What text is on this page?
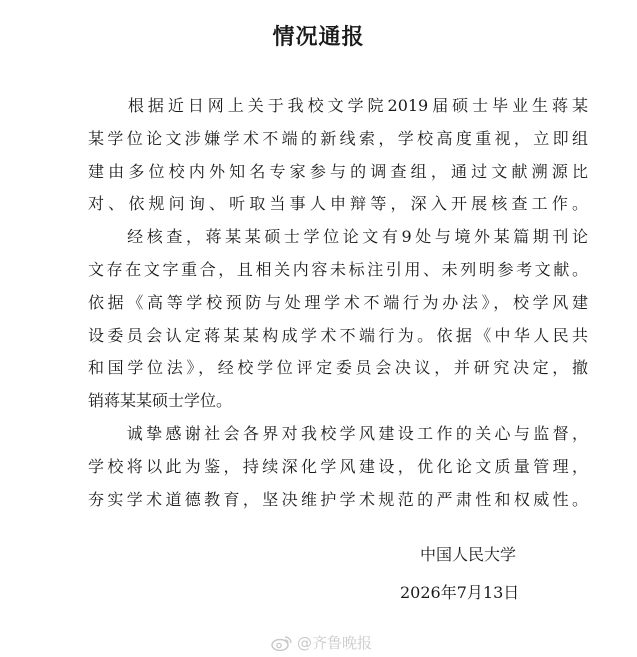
情况通报

　　根据近日网上关于我校文学院2019届硕士毕业生蒋某
某学位论文涉嫌学术不端的新线索，学校高度重视，立即组
建由多位校内外知名专家参与的调查组，通过文献溯源比
对、依规问询、听取当事人申辩等，深入开展核查工作。

　　经核查，蒋某某硕士学位论文有9处与境外某篇期刊论
文存在文字重合，且相关内容未标注引用、未列明参考文献。
依据《高等学校预防与处理学术不端行为办法》，校学风建
设委员会认定蒋某某构成学术不端行为。依据《中华人民共
和国学位法》，经校学位评定委员会决议，并研究决定，撤
销蒋某某硕士学位。

　　诚挚感谢社会各界对我校学风建设工作的关心与监督，
学校将以此为鉴，持续深化学风建设，优化论文质量管理，
夯实学术道德教育，坚决维护学术规范的严肃性和权威性。

中国人民大学
2026年7月13日
@齐鲁晚报
